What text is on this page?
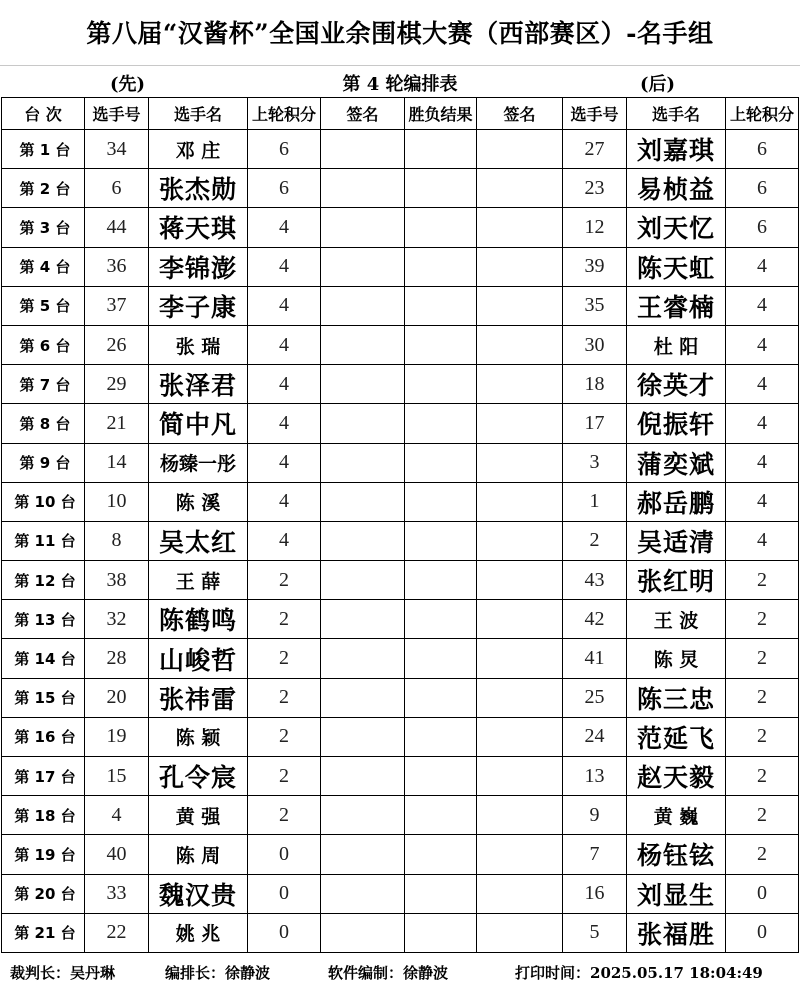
第八届“汉酱杯”全国业余围棋大赛（西部赛区）-名手组
(先)	第 4 轮编排表	(后)
台 次	选手号	选手名	上轮积分	签名	胜负结果	签名	选手号	选手名	上轮积分
第 1 台	34	邓 庄	6				27	刘嘉琪	6
第 2 台	6	张杰勋	6				23	易桢益	6
第 3 台	44	蒋天琪	4				12	刘天忆	6
第 4 台	36	李锦澎	4				39	陈天虹	4
第 5 台	37	李子康	4				35	王睿楠	4
第 6 台	26	张 瑞	4				30	杜 阳	4
第 7 台	29	张泽君	4				18	徐英才	4
第 8 台	21	简中凡	4				17	倪振轩	4
第 9 台	14	杨臻一彤	4				3	蒲奕斌	4
第 10 台	10	陈 溪	4				1	郝岳鹏	4
第 11 台	8	吴太红	4				2	吴适清	4
第 12 台	38	王 薛	2				43	张红明	2
第 13 台	32	陈鹤鸣	2				42	王 波	2
第 14 台	28	山峻哲	2				41	陈 炅	2
第 15 台	20	张祎雷	2				25	陈三忠	2
第 16 台	19	陈 颖	2				24	范延飞	2
第 17 台	15	孔令宸	2				13	赵天毅	2
第 18 台	4	黄 强	2				9	黄 巍	2
第 19 台	40	陈 周	0				7	杨钰铉	2
第 20 台	33	魏汉贵	0				16	刘显生	0
第 21 台	22	姚 兆	0				5	张福胜	0
裁判长：吴丹琳	编排长：徐静波	软件编制：徐静波	打印时间：2025.05.17 18:04:49
